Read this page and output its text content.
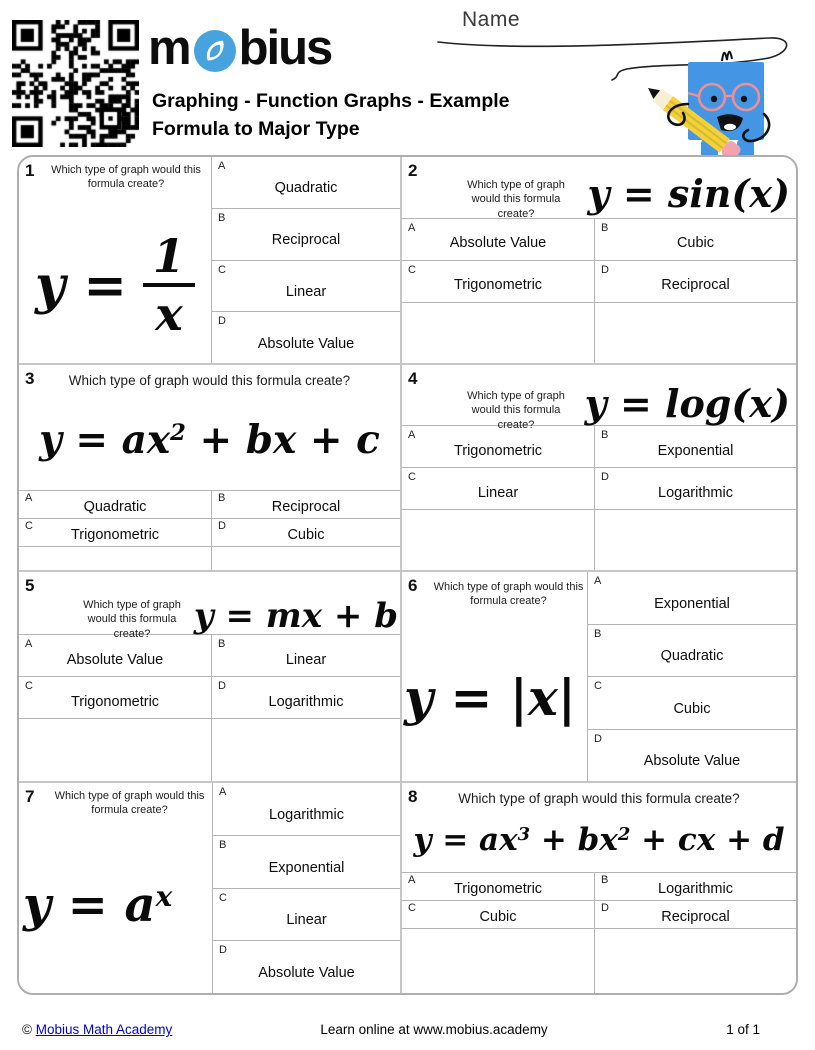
m bius
Graphing - Function Graphs - Example
Formula to Major Type
Name
1 Which type of graph would this formula create?
$y = \frac{1}{x}$
A
Quadratic
B
Reciprocal
C
Linear
D
Absolute Value
2
Which type of graph would this formula create?	y = sin(x)
A
Absolute Value
B
Cubic
C
Trigonometric
D
Reciprocal
3	Which type of graph would this formula create?
y = ax2 + bx + c
A
Quadratic
B
Reciprocal
C
Trigonometric
D
Cubic
4
Which type of graph would this formula create?	y = log(x)
A
Trigonometric
B
Exponential
C
Linear
D
Logarithmic
5
Which type of graph would this formula create?	y = mx + b
A
Absolute Value
B
Linear
C
Trigonometric
D
Logarithmic
6 Which type of graph would this formula create?
y = |x|
A
Exponential
B
Quadratic
C
Cubic
D
Absolute Value
7 Which type of graph would this formula create?
y = ax
A
Logarithmic
B
Exponential
C
Linear
D
Absolute Value
8	Which type of graph would this formula create?
y = ax3 + bx2 + cx + d
A
Trigonometric
B
Logarithmic
C
Cubic
D
Reciprocal
© Mobius Math Academy	Learn online at www.mobius.academy	1 of 1
